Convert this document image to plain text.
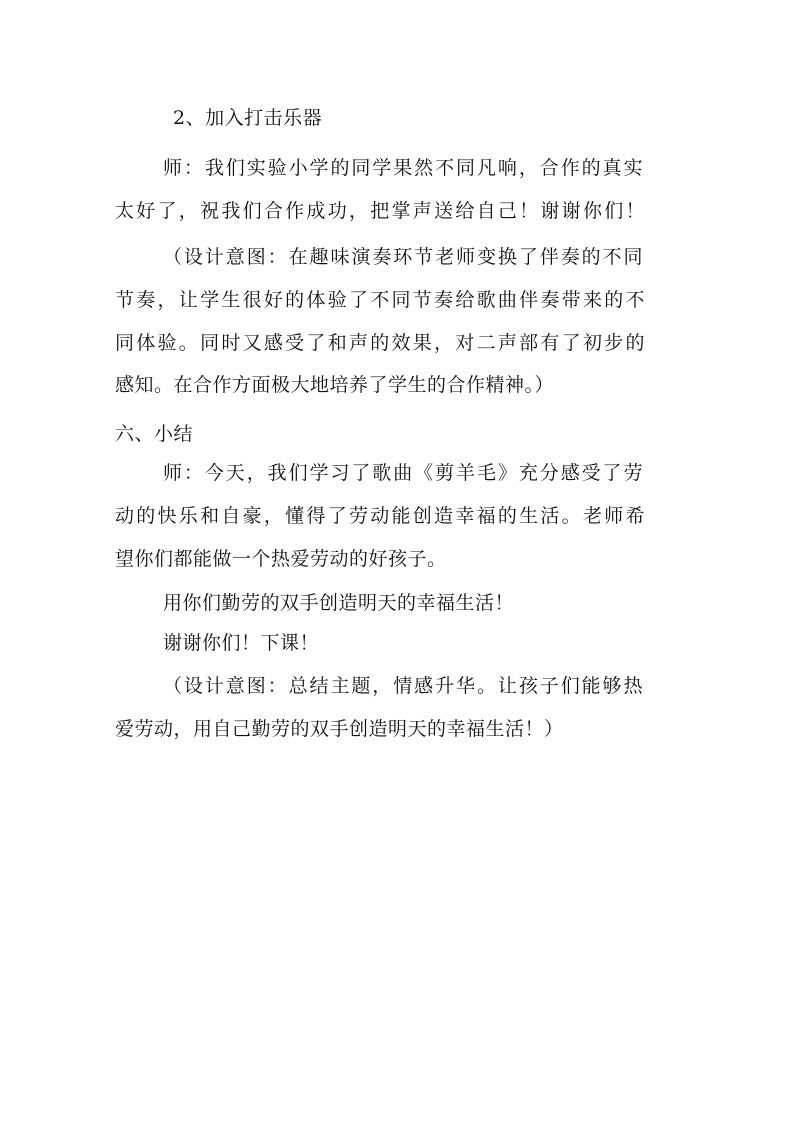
2、加入打击乐器
师：我们实验小学的同学果然不同凡响，合作的真实
太好了，祝我们合作成功，把掌声送给自己！谢谢你们！
（设计意图：在趣味演奏环节老师变换了伴奏的不同
节奏，让学生很好的体验了不同节奏给歌曲伴奏带来的不
同体验。同时又感受了和声的效果，对二声部有了初步的
感知。在合作方面极大地培养了学生的合作精神。）
六、小结
师：今天，我们学习了歌曲《剪羊毛》充分感受了劳
动的快乐和自豪，懂得了劳动能创造幸福的生活。老师希
望你们都能做一个热爱劳动的好孩子。
用你们勤劳的双手创造明天的幸福生活！
谢谢你们！下课！
（设计意图：总结主题，情感升华。让孩子们能够热
爱劳动，用自己勤劳的双手创造明天的幸福生活！）
